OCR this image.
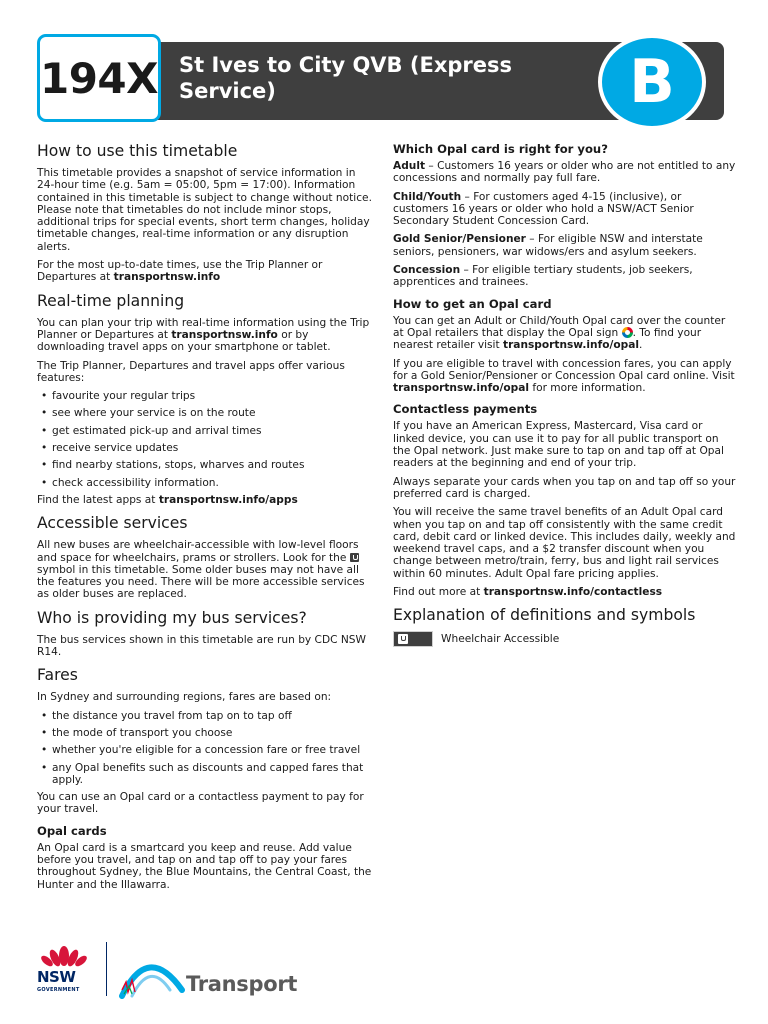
194X St Ives to City QVB (Express Service)	B
How to use this timetable

This timetable provides a snapshot of service information in 24-hour time (e.g. 5am = 05:00, 5pm = 17:00). Information contained in this timetable is subject to change without notice. Please note that timetables do not include minor stops, additional trips for special events, short term changes, holiday timetable changes, real-time information or any disruption alerts.

For the most up-to-date times, use the Trip Planner or Departures at transportnsw.info

Real-time planning

You can plan your trip with real-time information using the Trip Planner or Departures at transportnsw.info or by downloading travel apps on your smartphone or tablet.

The Trip Planner, Departures and travel apps offer various features:

• favourite your regular trips
• see where your service is on the route
• get estimated pick-up and arrival times
• receive service updates
• find nearby stations, stops, wharves and routes
• check accessibility information.

Find the latest apps at transportnsw.info/apps

Accessible services

All new buses are wheelchair-accessible with low-level floors and space for wheelchairs, prams or strollers. Look for the  symbol in this timetable. Some older buses may not have all the features you need. There will be more accessible services as older buses are replaced.

Who is providing my bus services?

The bus services shown in this timetable are run by CDC NSW R14.

Fares

In Sydney and surrounding regions, fares are based on:

• the distance you travel from tap on to tap off
• the mode of transport you choose
• whether you're eligible for a concession fare or free travel
• any Opal benefits such as discounts and capped fares that apply.

You can use an Opal card or a contactless payment to pay for your travel.

Opal cards

An Opal card is a smartcard you keep and reuse. Add value before you travel, and tap on and tap off to pay your fares throughout Sydney, the Blue Mountains, the Central Coast, the Hunter and the Illawarra.

Which Opal card is right for you?

Adult – Customers 16 years or older who are not entitled to any concessions and normally pay full fare.

Child/Youth – For customers aged 4-15 (inclusive), or customers 16 years or older who hold a NSW/ACT Senior Secondary Student Concession Card.

Gold Senior/Pensioner – For eligible NSW and interstate seniors, pensioners, war widows/ers and asylum seekers.

Concession – For eligible tertiary students, job seekers, apprentices and trainees.

How to get an Opal card

You can get an Adult or Child/Youth Opal card over the counter at Opal retailers that display the Opal sign . To find your nearest retailer visit transportnsw.info/opal.

If you are eligible to travel with concession fares, you can apply for a Gold Senior/Pensioner or Concession Opal card online. Visit transportnsw.info/opal for more information.

Contactless payments

If you have an American Express, Mastercard, Visa card or linked device, you can use it to pay for all public transport on the Opal network. Just make sure to tap on and tap off at Opal readers at the beginning and end of your trip.

Always separate your cards when you tap on and tap off so your preferred card is charged.

You will receive the same travel benefits of an Adult Opal card when you tap on and tap off consistently with the same credit card, debit card or linked device. This includes daily, weekly and weekend travel caps, and a $2 transfer discount when you change between metro/train, ferry, bus and light rail services within 60 minutes. Adult Opal fare pricing applies.

Find out more at transportnsw.info/contactless

Explanation of definitions and symbols
Wheelchair Accessible
NSW
GOVERNMENT	Transport
